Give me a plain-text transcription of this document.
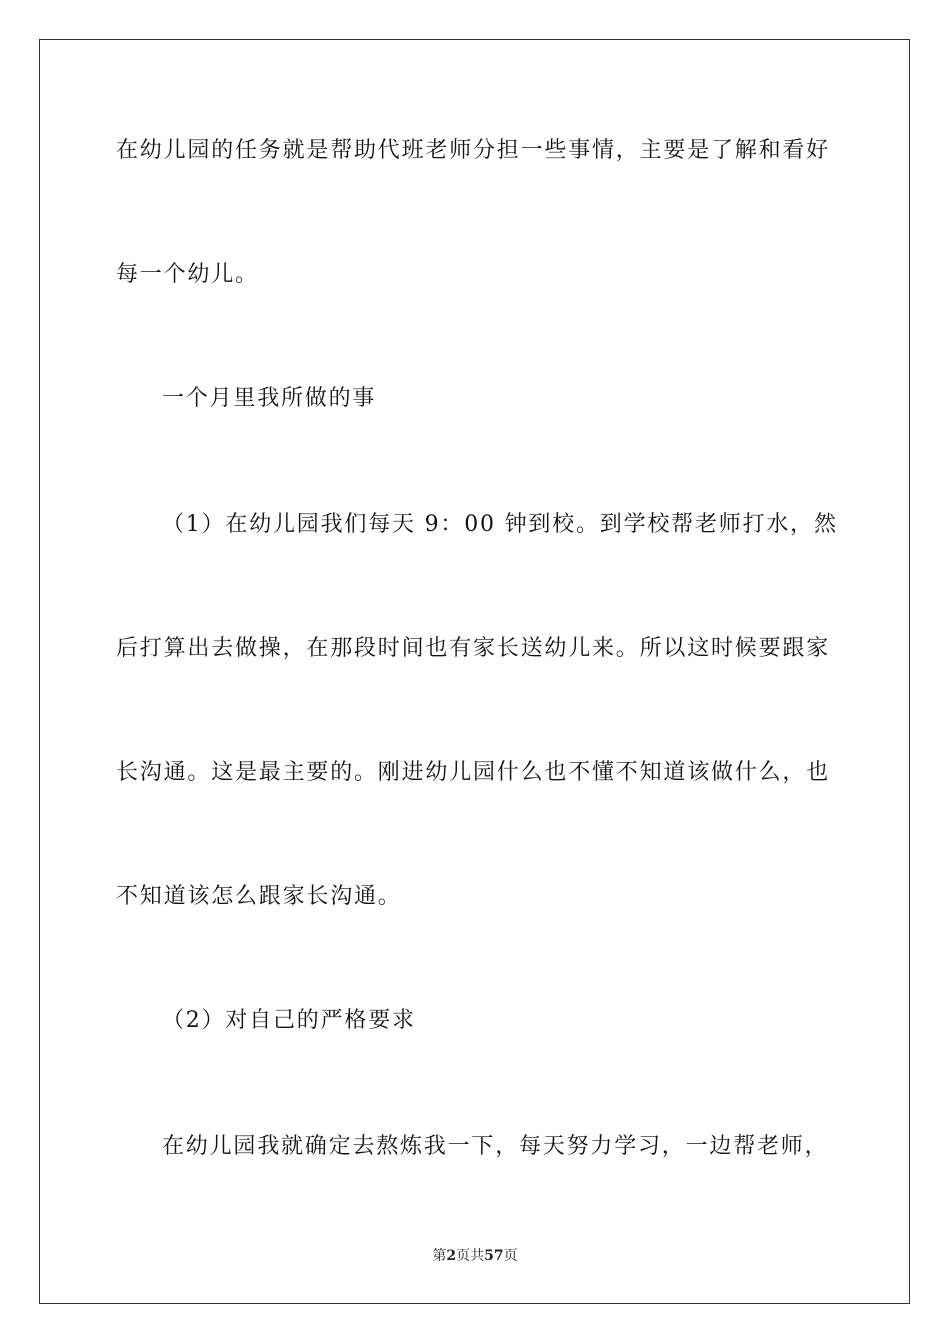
在幼儿园的任务就是帮助代班老师分担一些事情，主要是了解和看好
每一个幼儿。
一个月里我所做的事
（1）在幼儿园我们每天 9：00 钟到校。到学校帮老师打水，然
后打算出去做操，在那段时间也有家长送幼儿来。所以这时候要跟家
长沟通。这是最主要的。刚进幼儿园什么也不懂不知道该做什么，也
不知道该怎么跟家长沟通。
（2）对自己的严格要求
在幼儿园我就确定去熬炼我一下，每天努力学习，一边帮老师，
第2页共57页
